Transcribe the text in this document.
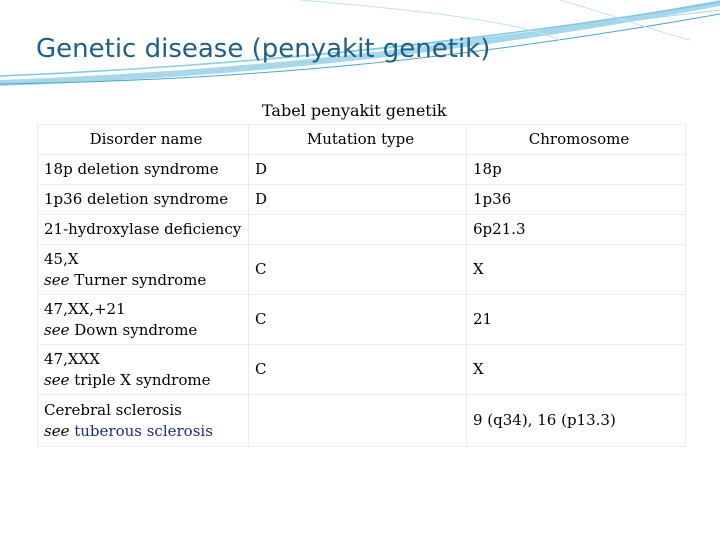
Genetic disease (penyakit genetik)
Tabel penyakit genetik
Disorder name	Mutation type	Chromosome
18p deletion syndrome	D	18p
1p36 deletion syndrome	D	1p36
21-hydroxylase deficiency		6p21.3

45,X
see Turner syndrome	C	X

47,XX,+21
see Down syndrome	C	21

47,XXX
see triple X syndrome	C	X

Cerebral sclerosis
see tuberous sclerosis		9 (q34), 16 (p13.3)
